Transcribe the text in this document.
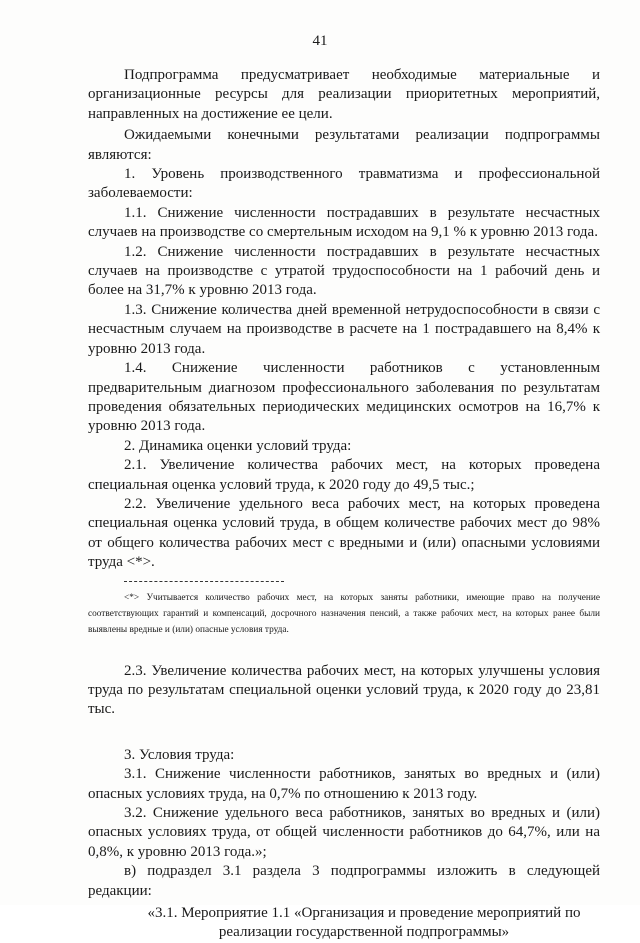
41

Подпрограмма предусматривает необходимые материальные и организационные ресурсы для реализации приоритетных мероприятий, направленных на достижение ее цели.

Ожидаемыми конечными результатами реализации подпрограммы являются:

1. Уровень производственного травматизма и профессиональной заболеваемости:

1.1. Снижение численности пострадавших в результате несчастных случаев на производстве со смертельным исходом на 9,1 % к уровню 2013 года.

1.2. Снижение численности пострадавших в результате несчастных случаев на производстве с утратой трудоспособности на 1 рабочий день и более на 31,7% к уровню 2013 года.

1.3. Снижение количества дней временной нетрудоспособности в связи с несчастным случаем на производстве в расчете на 1 пострадавшего на 8,4% к уровню 2013 года.

1.4. Снижение численности работников с установленным предварительным диагнозом профессионального заболевания по результатам проведения обязательных периодических медицинских осмотров на 16,7% к уровню 2013 года.

2. Динамика оценки условий труда:

2.1. Увеличение количества рабочих мест, на которых проведена специальная оценка условий труда, к 2020 году до 49,5 тыс.;

2.2. Увеличение удельного веса рабочих мест, на которых проведена специальная оценка условий труда, в общем количестве рабочих мест до 98% от общего количества рабочих мест с вредными и (или) опасными условиями труда <*>.

<*> Учитывается количество рабочих мест, на которых заняты работники, имеющие право на получение соответствующих гарантий и компенсаций, досрочного назначения пенсий, а также рабочих мест, на которых ранее были выявлены вредные и (или) опасные условия труда.

2.3. Увеличение количества рабочих мест, на которых улучшены условия труда по результатам специальной оценки условий труда, к 2020 году до 23,81 тыс.

3. Условия труда:

3.1. Снижение численности работников, занятых во вредных и (или) опасных условиях труда, на 0,7% по отношению к 2013 году.

3.2. Снижение удельного веса работников, занятых во вредных и (или) опасных условиях труда, от общей численности работников до 64,7%, или на 0,8%, к уровню 2013 года.»;

в) подраздел 3.1 раздела 3 подпрограммы изложить в следующей редакции:

«3.1. Мероприятие 1.1 «Организация и проведение мероприятий по
реализации государственной подпрограммы»
